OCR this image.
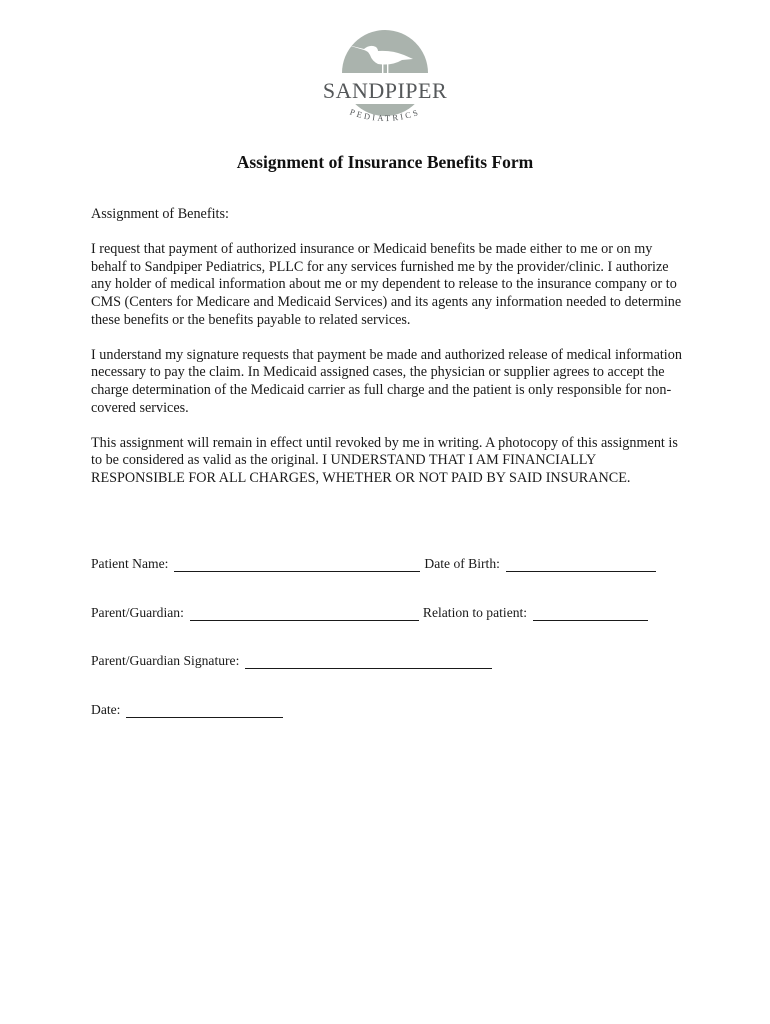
SANDPIPER
PEDIATRICS
Assignment of Insurance Benefits Form

Assignment of Benefits:

I request that payment of authorized insurance or Medicaid benefits be made either to me or on my behalf to Sandpiper Pediatrics, PLLC for any services furnished me by the provider/clinic. I authorize any holder of medical information about me or my dependent to release to the insurance company or to CMS (Centers for Medicare and Medicaid Services) and its agents any information needed to determine these benefits or the benefits payable to related services.

I understand my signature requests that payment be made and authorized release of medical information necessary to pay the claim. In Medicaid assigned cases, the physician or supplier agrees to accept the charge determination of the Medicaid carrier as full charge and the patient is only responsible for non-covered services.

This assignment will remain in effect until revoked by me in writing. A photocopy of this assignment is to be considered as valid as the original. I UNDERSTAND THAT I AM FINANCIALLY RESPONSIBLE FOR ALL CHARGES, WHETHER OR NOT PAID BY SAID INSURANCE.

Patient Name:	Date of Birth:
Parent/Guardian:	Relation to patient:
Parent/Guardian Signature:
Date:
